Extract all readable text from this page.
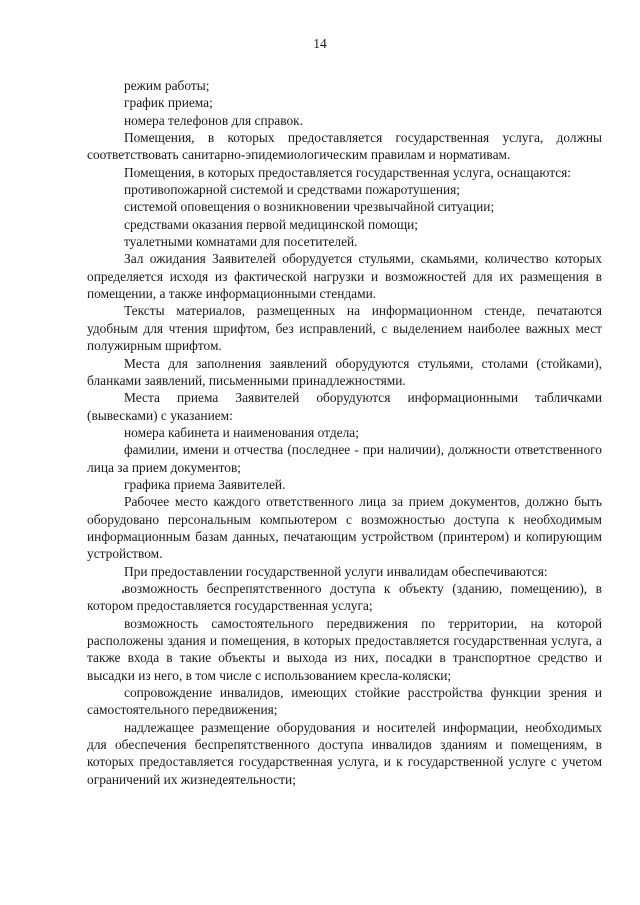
14

режим работы;

график приема;

номера телефонов для справок.

Помещения, в которых предоставляется государственная услуга, должны соответствовать санитарно-эпидемиологическим правилам и нормативам.

Помещения, в которых предоставляется государственная услуга, оснащаются:

противопожарной системой и средствами пожаротушения;

системой оповещения о возникновении чрезвычайной ситуации;

средствами оказания первой медицинской помощи;

туалетными комнатами для посетителей.

Зал ожидания Заявителей оборудуется стульями, скамьями, количество которых определяется исходя из фактической нагрузки и возможностей для их размещения в помещении, а также информационными стендами.

Тексты материалов, размещенных на информационном стенде, печатаются удобным для чтения шрифтом, без исправлений, с выделением наиболее важных мест полужирным шрифтом.

Места для заполнения заявлений оборудуются стульями, столами (стойками), бланками заявлений, письменными принадлежностями.

Места приема Заявителей оборудуются информационными табличками (вывесками) с указанием:

номера кабинета и наименования отдела;

фамилии, имени и отчества (последнее - при наличии), должности ответственного лица за прием документов;

графика приема Заявителей.

Рабочее место каждого ответственного лица за прием документов, должно быть оборудовано персональным компьютером с возможностью доступа к необходимым информационным базам данных, печатающим устройством (принтером) и копирующим устройством.

При предоставлении государственной услуги инвалидам обеспечиваются:

возможность беспрепятственного доступа к объекту (зданию, помещению), в котором предоставляется государственная услуга;

возможность самостоятельного передвижения по территории, на которой расположены здания и помещения, в которых предоставляется государственная услуга, а также входа в такие объекты и выхода из них, посадки в транспортное средство и высадки из него, в том числе с использованием кресла-коляски;

сопровождение инвалидов, имеющих стойкие расстройства функции зрения и самостоятельного передвижения;

надлежащее размещение оборудования и носителей информации, необходимых для обеспечения беспрепятственного доступа инвалидов зданиям и помещениям, в которых предоставляется государственная услуга, и к государственной услуге с учетом ограничений их жизнедеятельности;
